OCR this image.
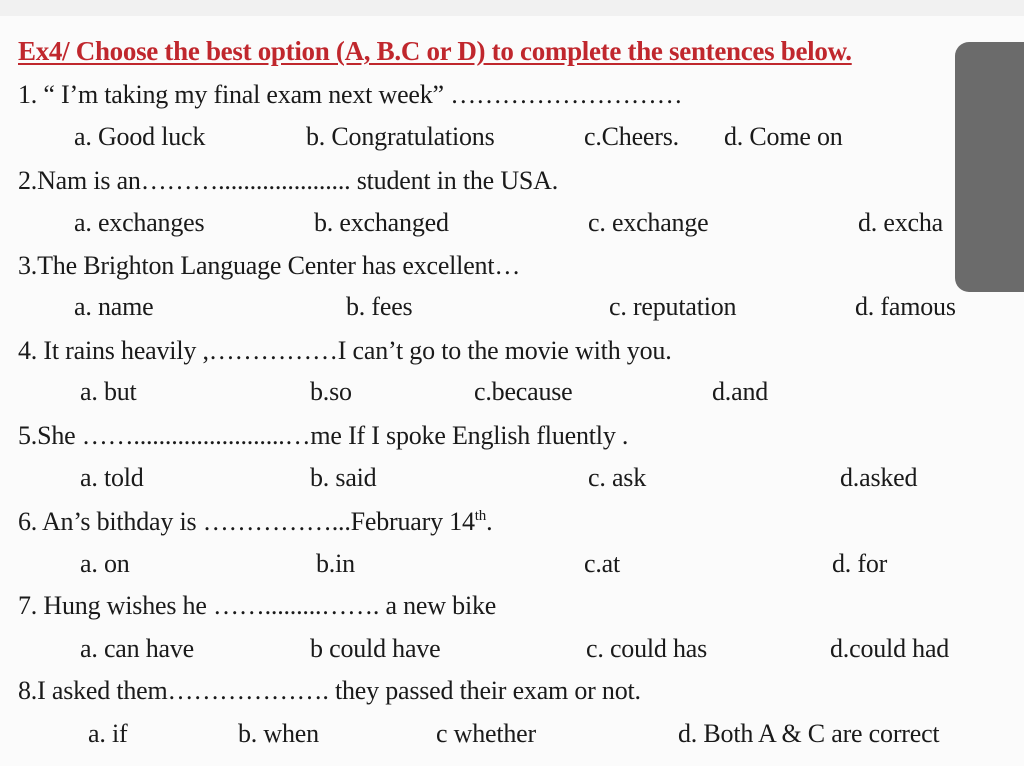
Ex4/ Choose the best option (A, B.C or D) to complete the sentences below.
1. “ I’m taking my final exam next week” ………………………
a. Good luck	b. Congratulations	c.Cheers. d. Come on
2.Nam is an………..................... student in the USA.
a. exchanges	b. exchanged	c. exchange	d. excha
3.The Brighton Language Center has excellent…
a. name	b. fees	c. reputation	d. famous
4. It rains heavily ,……………I can’t go to the movie with you.
a. but	b.so	c.because	d.and
5.She ……........................…me If I spoke English fluently .
a. told	b. said	c. ask	d.asked
6. An’s bithday is ……………...February 14th.
a. on	b.in	c.at	d. for
7. Hung wishes he …….........……. a new bike
a. can have	b could have	c. could has	d.could had
8.I asked them………………. they passed their exam or not.
a. if	b. when	c whether	d. Both A & C are correct
